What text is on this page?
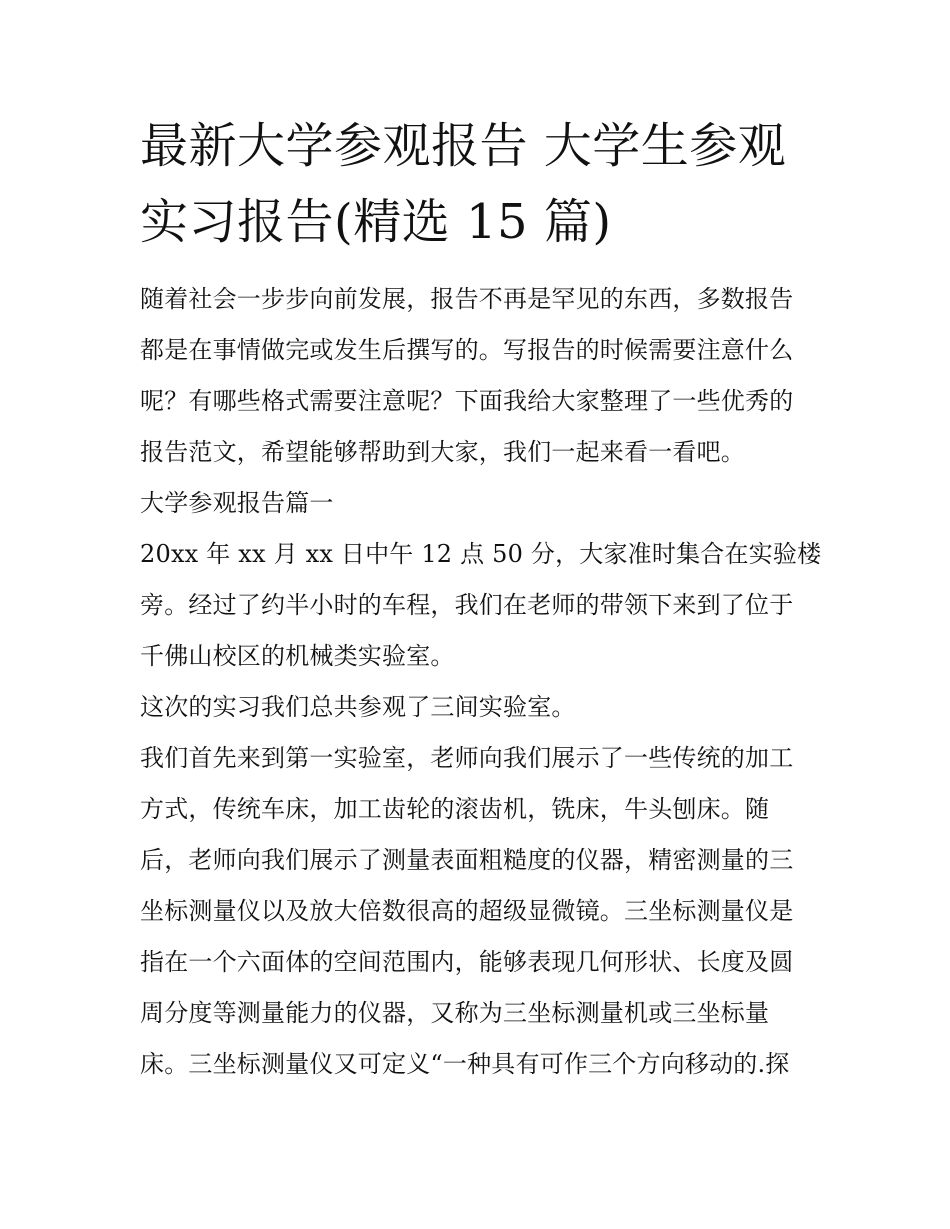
最新大学参观报告 大学生参观
实习报告(精选 15 篇)

随着社会一步步向前发展，报告不再是罕见的东西，多数报告
都是在事情做完或发生后撰写的。写报告的时候需要注意什么
呢？有哪些格式需要注意呢？下面我给大家整理了一些优秀的
报告范文，希望能够帮助到大家，我们一起来看一看吧。

大学参观报告篇一

20xx 年 xx 月 xx 日中午 12 点 50 分，大家准时集合在实验楼
旁。经过了约半小时的车程，我们在老师的带领下来到了位于
千佛山校区的机械类实验室。

这次的实习我们总共参观了三间实验室。

我们首先来到第一实验室，老师向我们展示了一些传统的加工
方式，传统车床，加工齿轮的滚齿机，铣床，牛头刨床。随
后，老师向我们展示了测量表面粗糙度的仪器，精密测量的三
坐标测量仪以及放大倍数很高的超级显微镜。三坐标测量仪是
指在一个六面体的空间范围内，能够表现几何形状、长度及圆
周分度等测量能力的仪器，又称为三坐标测量机或三坐标量
床。三坐标测量仪又可定义“一种具有可作三个方向移动的.探
